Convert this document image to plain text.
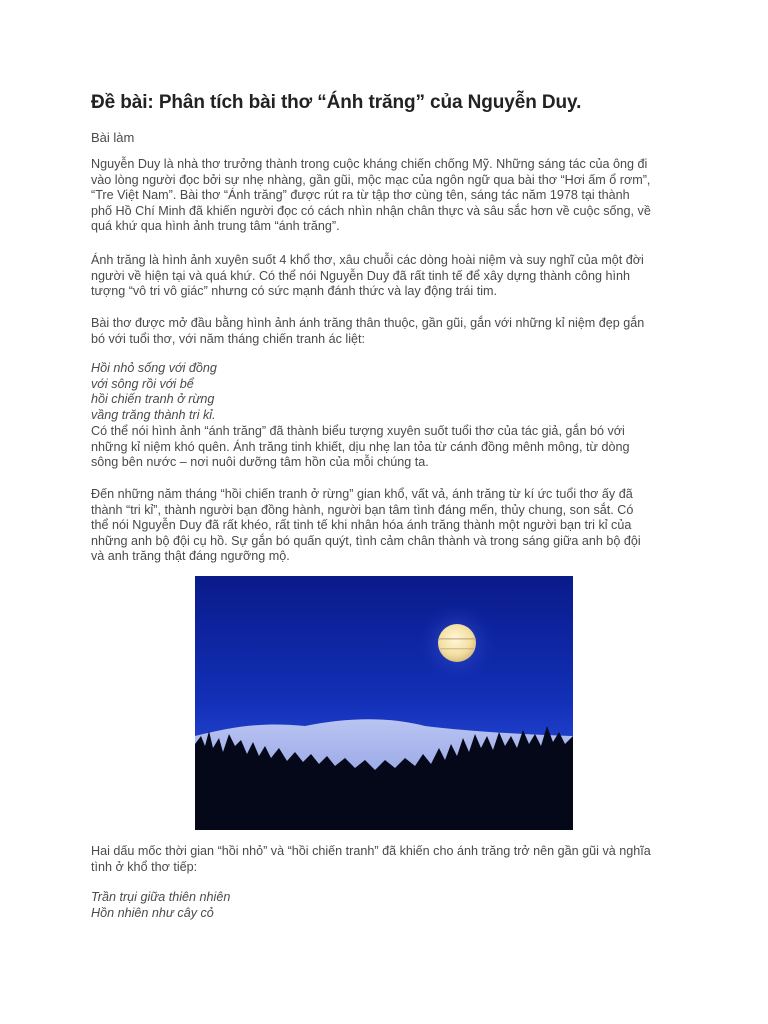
Đề bài: Phân tích bài thơ “Ánh trăng” của Nguyễn Duy.

Bài làm

Nguyễn Duy là nhà thơ trưởng thành trong cuộc kháng chiến chống Mỹ. Những sáng tác của ông đi
vào lòng người đọc bởi sự nhẹ nhàng, gần gũi, mộc mạc của ngôn ngữ qua bài thơ “Hơi ấm ổ rơm”,
“Tre Việt Nam”. Bài thơ “Ánh trăng” được rút ra từ tập thơ cùng tên, sáng tác năm 1978 tại thành
phố Hồ Chí Minh đã khiến người đọc có cách nhìn nhận chân thực và sâu sắc hơn về cuộc sống, về
quá khứ qua hình ảnh trung tâm “ánh trăng”.

Ánh trăng là hình ảnh xuyên suốt 4 khổ thơ, xâu chuỗi các dòng hoài niệm và suy nghĩ của một đời
người về hiện tại và quá khứ. Có thể nói Nguyễn Duy đã rất tinh tế để xây dựng thành công hình
tượng “vô tri vô giác” nhưng có sức mạnh đánh thức và lay động trái tim.

Bài thơ được mở đầu bằng hình ảnh ánh trăng thân thuộc, gần gũi, gắn với những kỉ niệm đẹp gắn
bó với tuổi thơ, với năm tháng chiến tranh ác liệt:

Hồi nhỏ sống với đồng
với sông rồi với bể
hồi chiến tranh ở rừng
vầng trăng thành tri kỉ.

Có thể nói hình ảnh “ánh trăng” đã thành biểu tượng xuyên suốt tuổi thơ của tác giả, gắn bó với
những kỉ niệm khó quên. Ánh trăng tinh khiết, dịu nhẹ lan tỏa từ cánh đồng mênh mông, từ dòng
sông bên nước – nơi nuôi dưỡng tâm hồn của mỗi chúng ta.

Đến những năm tháng “hồi chiến tranh ở rừng” gian khổ, vất vả, ánh trăng từ kí ức tuổi thơ ấy đã
thành “tri kỉ”, thành người bạn đồng hành, người bạn tâm tình đáng mến, thủy chung, son sắt. Có
thể nói Nguyễn Duy đã rất khéo, rất tinh tế khi nhân hóa ánh trăng thành một người bạn tri kỉ của
những anh bộ đội cụ hồ. Sự gắn bó quấn quýt, tình cảm chân thành và trong sáng giữa anh bộ đội
và anh trăng thật đáng ngưỡng mộ.

Hai dấu mốc thời gian “hồi nhỏ” và “hồi chiến tranh” đã khiến cho ánh trăng trở nên gần gũi và nghĩa
tình ở khổ thơ tiếp:

Trần trụi giữa thiên nhiên
Hồn nhiên như cây cỏ
